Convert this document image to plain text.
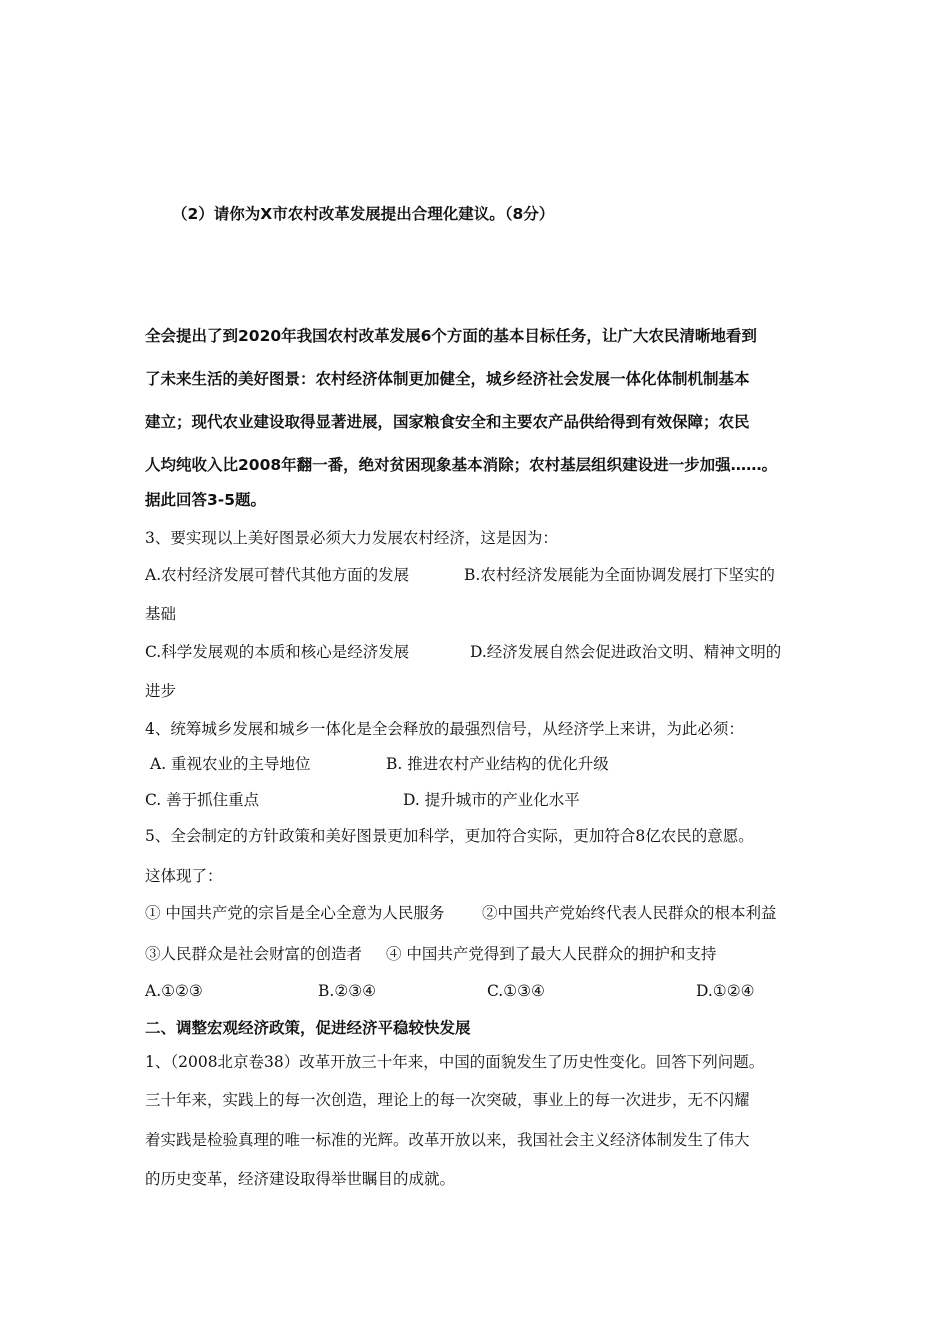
（2）请你为X市农村改革发展提出合理化建议。（8分）
全会提出了到2020年我国农村改革发展6个方面的基本目标任务，让广大农民清晰地看到
了未来生活的美好图景：农村经济体制更加健全，城乡经济社会发展一体化体制机制基本
建立；现代农业建设取得显著进展，国家粮食安全和主要农产品供给得到有效保障；农民
人均纯收入比2008年翻一番，绝对贫困现象基本消除；农村基层组织建设进一步加强……。
据此回答3-5题。
3、要实现以上美好图景必须大力发展农村经济，这是因为：
A.农村经济发展可替代其他方面的发展	B.农村经济发展能为全面协调发展打下坚实的
基础
C.科学发展观的本质和核心是经济发展	D.经济发展自然会促进政治文明、精神文明的
进步
4、统筹城乡发展和城乡一体化是全会释放的最强烈信号，从经济学上来讲，为此必须：
A. 重视农业的主导地位	B. 推进农村产业结构的优化升级
C. 善于抓住重点	D. 提升城市的产业化水平
5、全会制定的方针政策和美好图景更加科学，更加符合实际，更加符合8亿农民的意愿。
这体现了：
① 中国共产党的宗旨是全心全意为人民服务 ②中国共产党始终代表人民群众的根本利益
③人民群众是社会财富的创造者 ④ 中国共产党得到了最大人民群众的拥护和支持
A.①②③	B.②③④	C.①③④	D.①②④
二、调整宏观经济政策，促进经济平稳较快发展
1、（2008北京卷38）改革开放三十年来，中国的面貌发生了历史性变化。回答下列问题。
三十年来，实践上的每一次创造，理论上的每一次突破，事业上的每一次进步，无不闪耀
着实践是检验真理的唯一标准的光辉。改革开放以来，我国社会主义经济体制发生了伟大
的历史变革，经济建设取得举世瞩目的成就。
